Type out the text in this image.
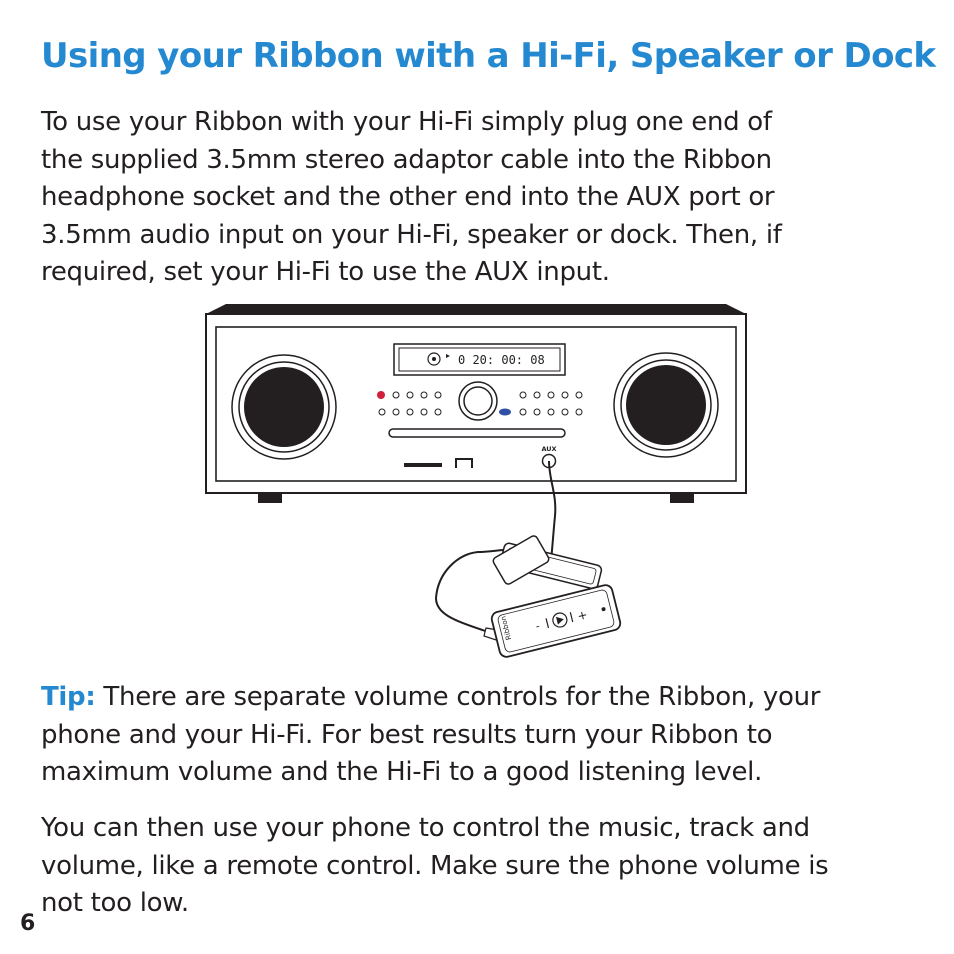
Using your Ribbon with a Hi-Fi, Speaker or Dock

To use your Ribbon with your Hi-Fi simply plug one end of
the supplied 3.5mm stereo adaptor cable into the Ribbon
headphone socket and the other end into the AUX port or
3.5mm audio input on your Hi-Fi, speaker or dock. Then, if
required, set your Hi-Fi to use the AUX input.

0 20: 00: 08
AUX
Ribbon -
+

Tip: There are separate volume controls for the Ribbon, your
phone and your Hi-Fi. For best results turn your Ribbon to
maximum volume and the Hi-Fi to a good listening level.

You can then use your phone to control the music, track and
volume, like a remote control. Make sure the phone volume is
not too low.

6
